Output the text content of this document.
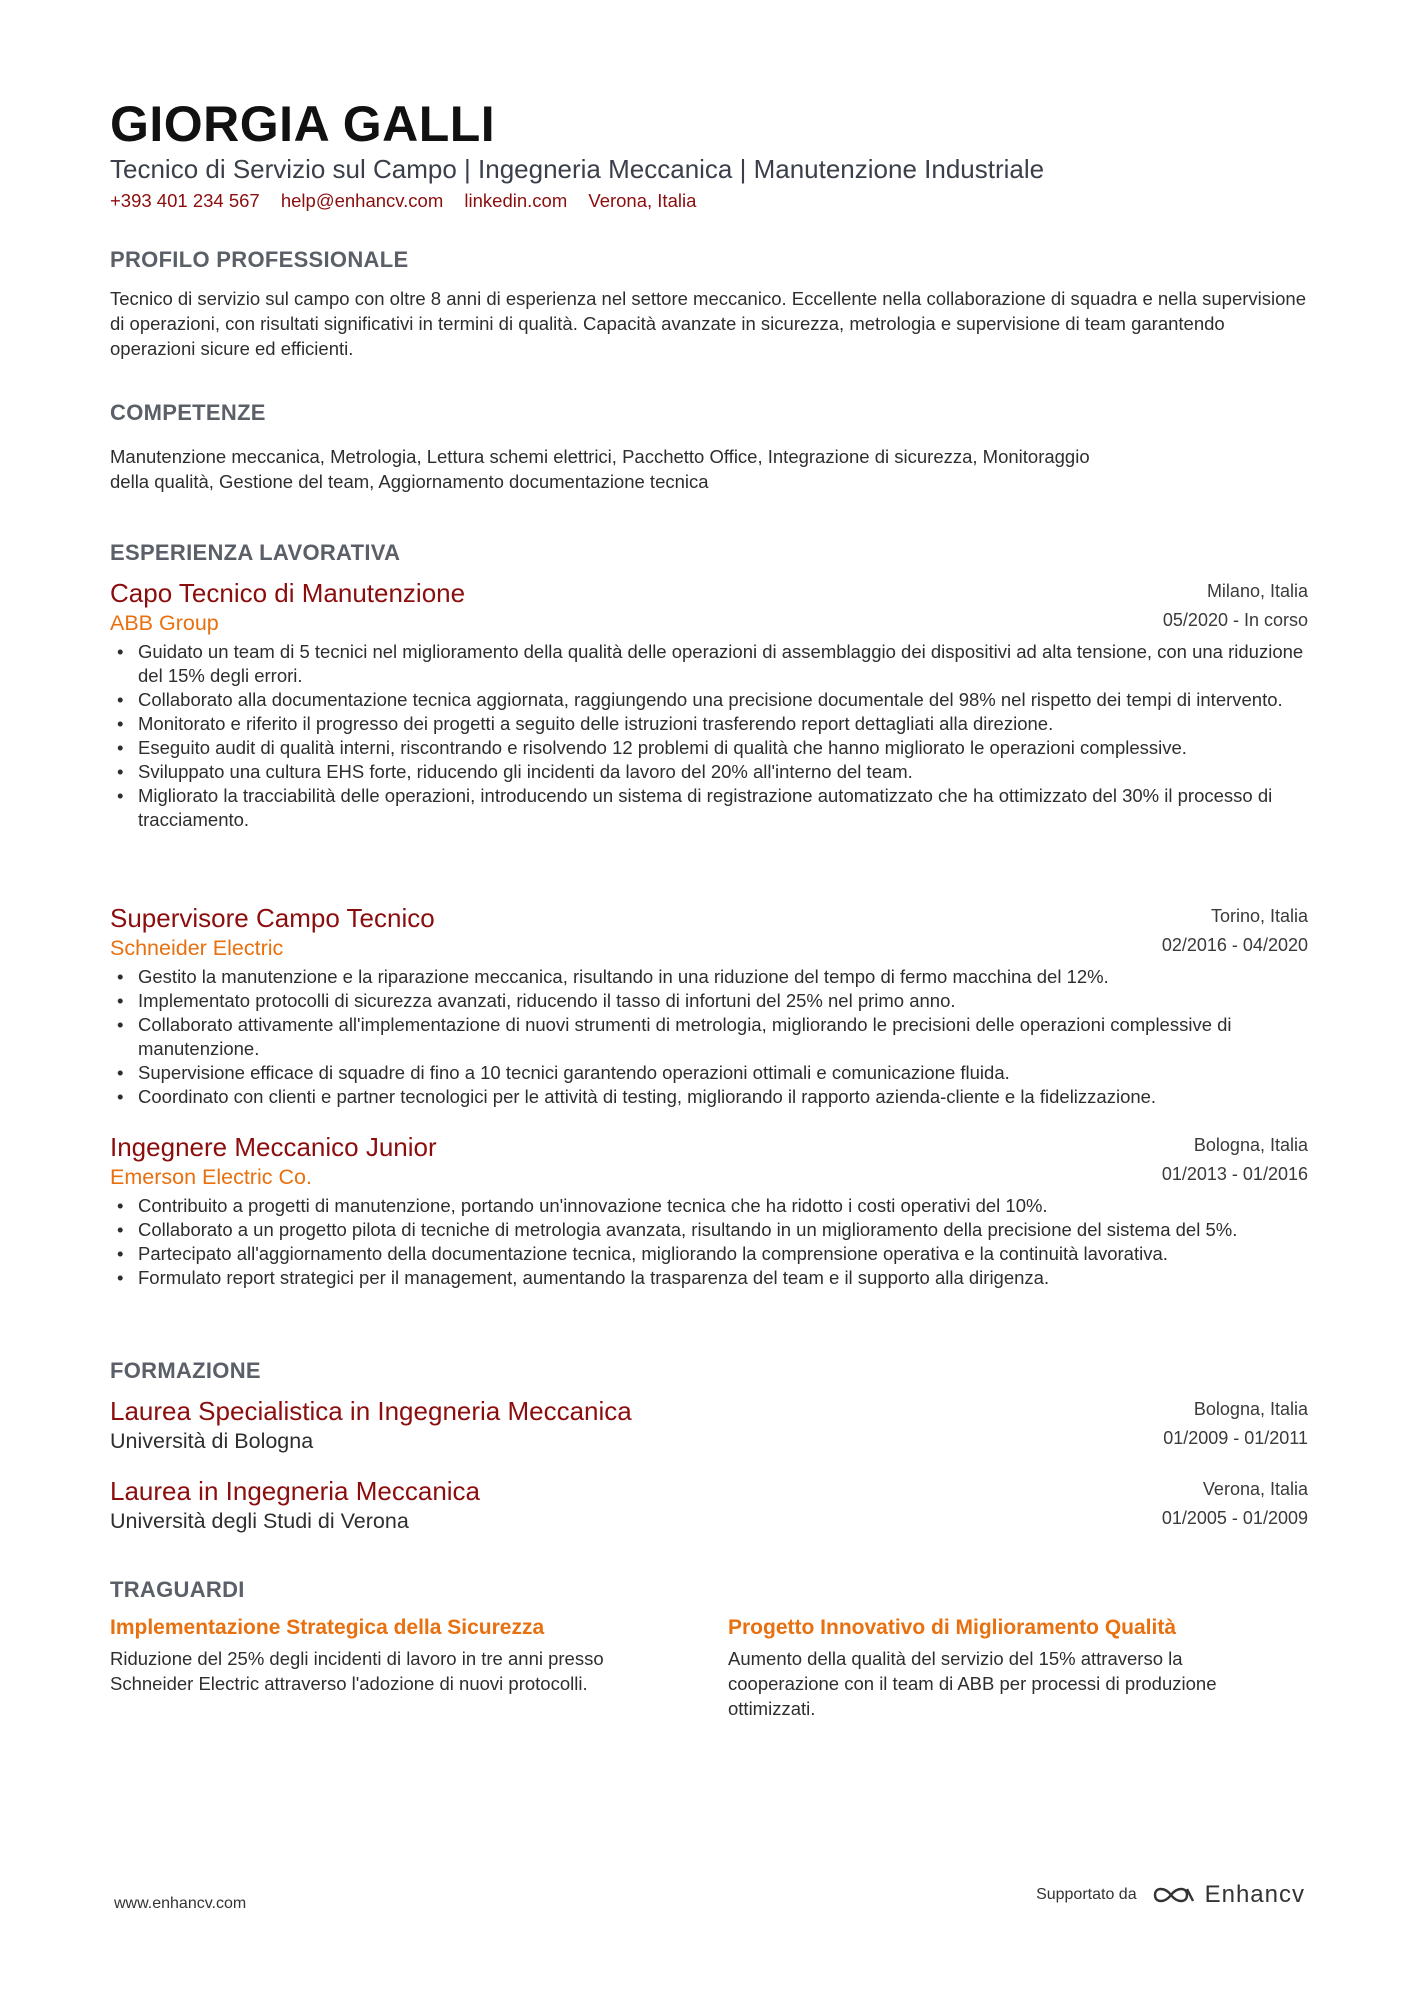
GIORGIA GALLI
Tecnico di Servizio sul Campo | Ingegneria Meccanica | Manutenzione Industriale
+393 401 234 567 help@enhancv.com linkedin.com Verona, Italia
PROFILO PROFESSIONALE
Tecnico di servizio sul campo con oltre 8 anni di esperienza nel settore meccanico. Eccellente nella collaborazione di squadra e nella supervisione di operazioni, con risultati significativi in termini di qualità. Capacità avanzate in sicurezza, metrologia e supervisione di team garantendo operazioni sicure ed efficienti.
COMPETENZE
Manutenzione meccanica, Metrologia, Lettura schemi elettrici, Pacchetto Office, Integrazione di sicurezza, Monitoraggio della qualità, Gestione del team, Aggiornamento documentazione tecnica
ESPERIENZA LAVORATIVA
Capo Tecnico di Manutenzione
ABB Group
Milano, Italia
05/2020 - In corso
• Guidato un team di 5 tecnici nel miglioramento della qualità delle operazioni di assemblaggio dei dispositivi ad alta tensione, con una riduzione del 15% degli errori.
• Collaborato alla documentazione tecnica aggiornata, raggiungendo una precisione documentale del 98% nel rispetto dei tempi di intervento.
• Monitorato e riferito il progresso dei progetti a seguito delle istruzioni trasferendo report dettagliati alla direzione.
• Eseguito audit di qualità interni, riscontrando e risolvendo 12 problemi di qualità che hanno migliorato le operazioni complessive.
• Sviluppato una cultura EHS forte, riducendo gli incidenti da lavoro del 20% all'interno del team.
• Migliorato la tracciabilità delle operazioni, introducendo un sistema di registrazione automatizzato che ha ottimizzato del 30% il processo di tracciamento.
Supervisore Campo Tecnico
Schneider Electric
Torino, Italia
02/2016 - 04/2020
• Gestito la manutenzione e la riparazione meccanica, risultando in una riduzione del tempo di fermo macchina del 12%.
• Implementato protocolli di sicurezza avanzati, riducendo il tasso di infortuni del 25% nel primo anno.
• Collaborato attivamente all'implementazione di nuovi strumenti di metrologia, migliorando le precisioni delle operazioni complessive di manutenzione.
• Supervisione efficace di squadre di fino a 10 tecnici garantendo operazioni ottimali e comunicazione fluida.
• Coordinato con clienti e partner tecnologici per le attività di testing, migliorando il rapporto azienda-cliente e la fidelizzazione.
Ingegnere Meccanico Junior
Emerson Electric Co.
Bologna, Italia
01/2013 - 01/2016
• Contribuito a progetti di manutenzione, portando un'innovazione tecnica che ha ridotto i costi operativi del 10%.
• Collaborato a un progetto pilota di tecniche di metrologia avanzata, risultando in un miglioramento della precisione del sistema del 5%.
• Partecipato all'aggiornamento della documentazione tecnica, migliorando la comprensione operativa e la continuità lavorativa.
• Formulato report strategici per il management, aumentando la trasparenza del team e il supporto alla dirigenza.
FORMAZIONE
Laurea Specialistica in Ingegneria Meccanica
Università di Bologna
Bologna, Italia
01/2009 - 01/2011
Laurea in Ingegneria Meccanica
Università degli Studi di Verona
Verona, Italia
01/2005 - 01/2009
TRAGUARDI
Implementazione Strategica della Sicurezza
Riduzione del 25% degli incidenti di lavoro in tre anni presso Schneider Electric attraverso l'adozione di nuovi protocolli.
Progetto Innovativo di Miglioramento Qualità
Aumento della qualità del servizio del 15% attraverso la cooperazione con il team di ABB per processi di produzione ottimizzati.
www.enhancv.com
Supportato da	Enhancv
